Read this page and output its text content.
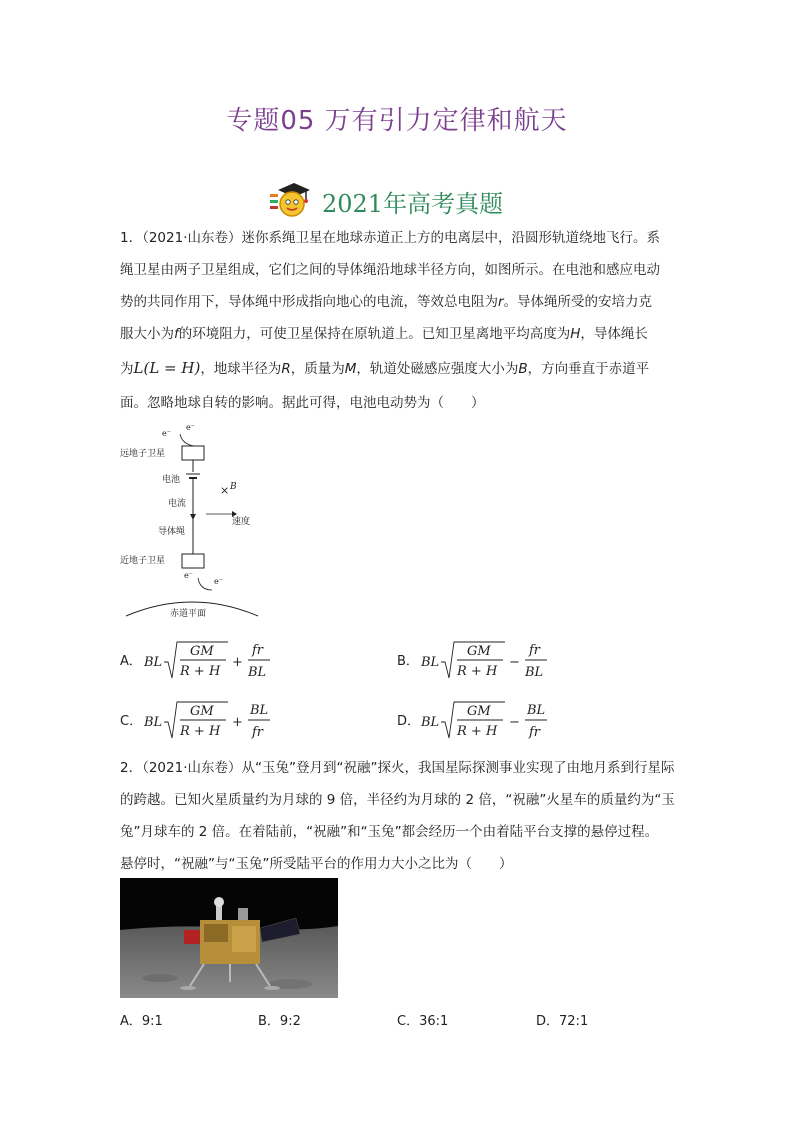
专题05 万有引力定律和航天
2021年高考真题
1．（2021·山东卷）迷你系绳卫星在地球赤道正上方的电离层中，沿圆形轨道绕地飞行。系
绳卫星由两子卫星组成，它们之间的导体绳沿地球半径方向，如图所示。在电池和感应电动
势的共同作用下，导体绳中形成指向地心的电流，等效总电阻为r。导体绳所受的安培力克
服大小为f的环境阻力，可使卫星保持在原轨道上。已知卫星离地平均高度为H，导体绳长
为L(L = H)，地球半径为R，质量为M，轨道处磁感应强度大小为B，方向垂直于赤道平
面。忽略地球自转的影响。据此可得，电池电动势为（　　）
e⁻
e⁻
远地子卫星
电池
电流
× B
速度
导体绳
近地子卫星
e⁻
e⁻
赤道平面
A． BL
GM
R + H
+
fr
BL
B． BL
GM
R + H
−
fr
BL
C． BL
GM
R + H
+
BL
fr
D． BL
GM
R + H
−
BL
fr
2．（2021·山东卷）从“玉兔”登月到“祝融”探火，我国星际探测事业实现了由地月系到行星际
的跨越。已知火星质量约为月球的 9 倍，半径约为月球的 2 倍，“祝融”火星车的质量约为“玉
兔”月球车的 2 倍。在着陆前，“祝融”和“玉兔”都会经历一个由着陆平台支撑的悬停过程。
悬停时，“祝融”与“玉兔”所受陆平台的作用力大小之比为（　　）
A．9:1	B．9:2	C．36:1	D．72:1
